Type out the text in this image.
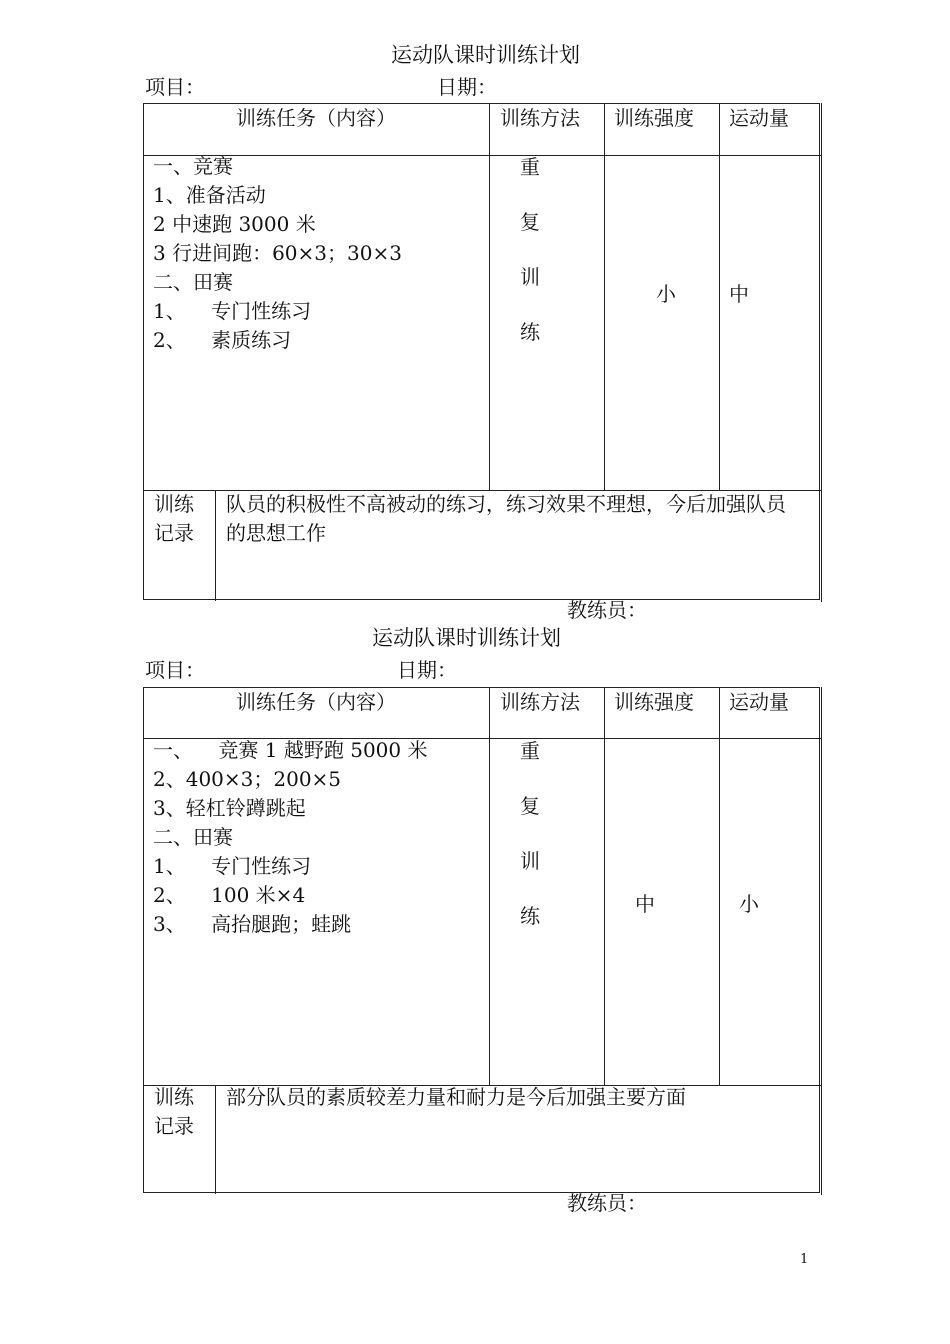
运动队课时训练计划
项目：	日期：
训练任务（内容）	训练方法 训练强度 运动量
一、竞赛
1、准备活动
2 中速跑 3000 米
3 行进间跑：60×3；30×3
二、田赛
1、    专门性练习
2、    素质练习
重
复
训
练
小	中
训练
记录
队员的积极性不高被动的练习，练习效果不理想，今后加强队员
的思想工作
教练员：
运动队课时训练计划
项目：	日期：
训练任务（内容）	训练方法 训练强度 运动量
一、    竞赛 1 越野跑 5000 米
2、400×3；200×5
3、轻杠铃蹲跳起
二、田赛
1、    专门性练习
2、    100 米×4
3、    高抬腿跑；蛙跳
重
复
训
练	中	小
训练
记录
部分队员的素质较差力量和耐力是今后加强主要方面
教练员：
1
